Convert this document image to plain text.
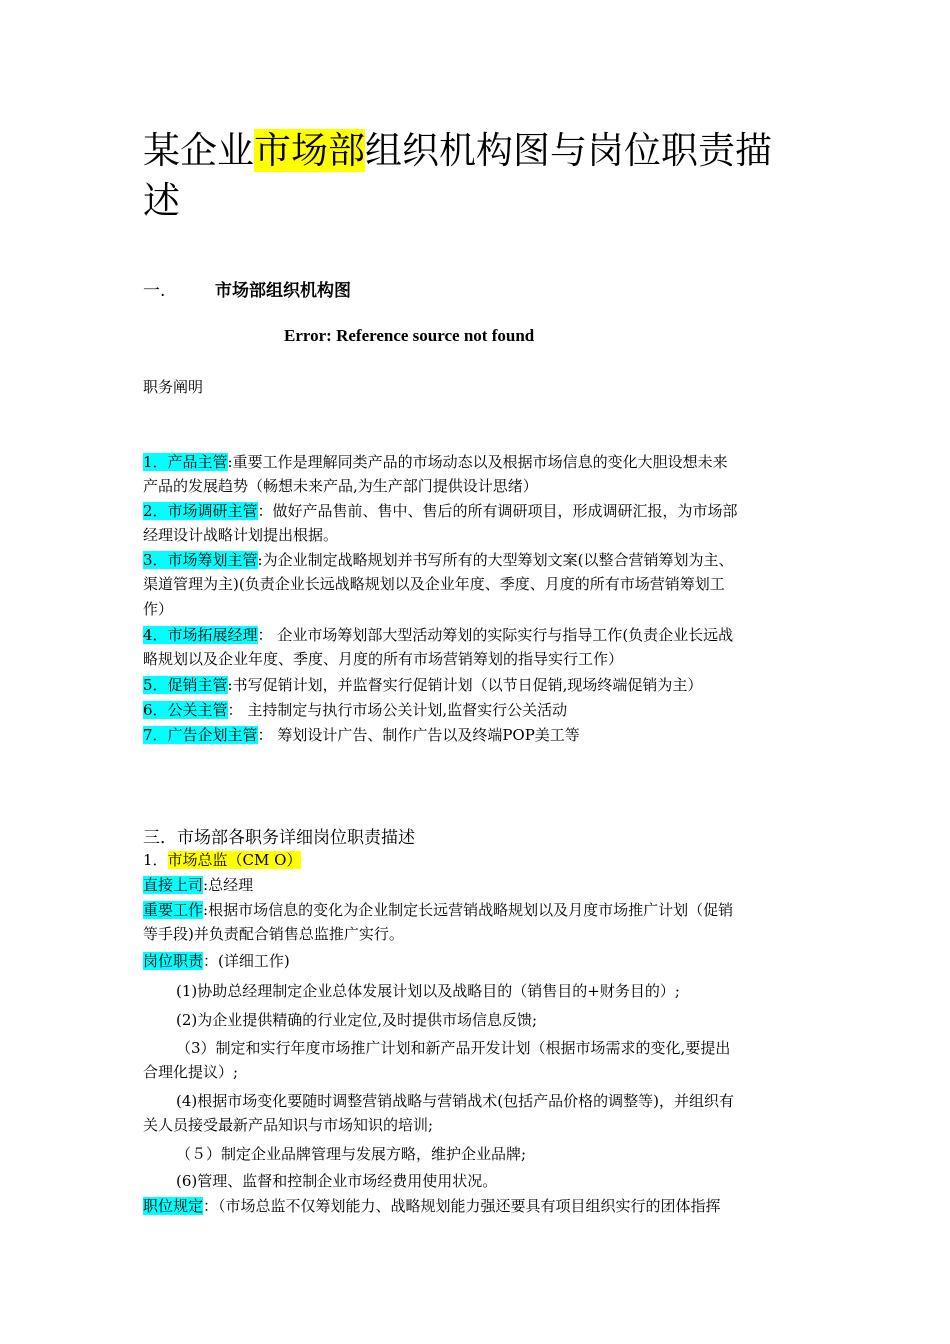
某企业市场部组织机构图与岗位职责描
述
一.	市场部组织机构图
Error: Reference source not found
职务阐明
1．产品主管:重要工作是理解同类产品的市场动态以及根据市场信息的变化大胆设想未来
产品的发展趋势（畅想未来产品,为生产部门提供设计思绪）
2．市场调研主管：做好产品售前、售中、售后的所有调研项目，形成调研汇报，为市场部
经理设计战略计划提出根据。
3．市场筹划主管:为企业制定战略规划并书写所有的大型筹划文案(以整合营销筹划为主、
渠道管理为主)(负责企业长远战略规划以及企业年度、季度、月度的所有市场营销筹划工
作）
4．市场拓展经理： 企业市场筹划部大型活动筹划的实际实行与指导工作(负责企业长远战
略规划以及企业年度、季度、月度的所有市场营销筹划的指导实行工作）
5．促销主管:书写促销计划，并监督实行促销计划（以节日促销,现场终端促销为主）
6．公关主管： 主持制定与执行市场公关计划,监督实行公关活动
7．广告企划主管： 筹划设计广告、制作广告以及终端POP美工等
三．市场部各职务详细岗位职责描述
1．市场总监（CM O）
直接上司:总经理
重要工作:根据市场信息的变化为企业制定长远营销战略规划以及月度市场推广计划（促销
等手段)并负责配合销售总监推广实行。
岗位职责：(详细工作)
(1)协助总经理制定企业总体发展计划以及战略目的（销售目的+财务目的）;
(2)为企业提供精确的行业定位,及时提供市场信息反馈;
（3）制定和实行年度市场推广计划和新产品开发计划（根据市场需求的变化,要提出
合理化提议）;
(4)根据市场变化要随时调整营销战略与营销战术(包括产品价格的调整等)，并组织有
关人员接受最新产品知识与市场知识的培训;
（５）制定企业品牌管理与发展方略，维护企业品牌;
(6)管理、监督和控制企业市场经费用使用状况。
职位规定：（市场总监不仅筹划能力、战略规划能力强还要具有项目组织实行的团体指挥
